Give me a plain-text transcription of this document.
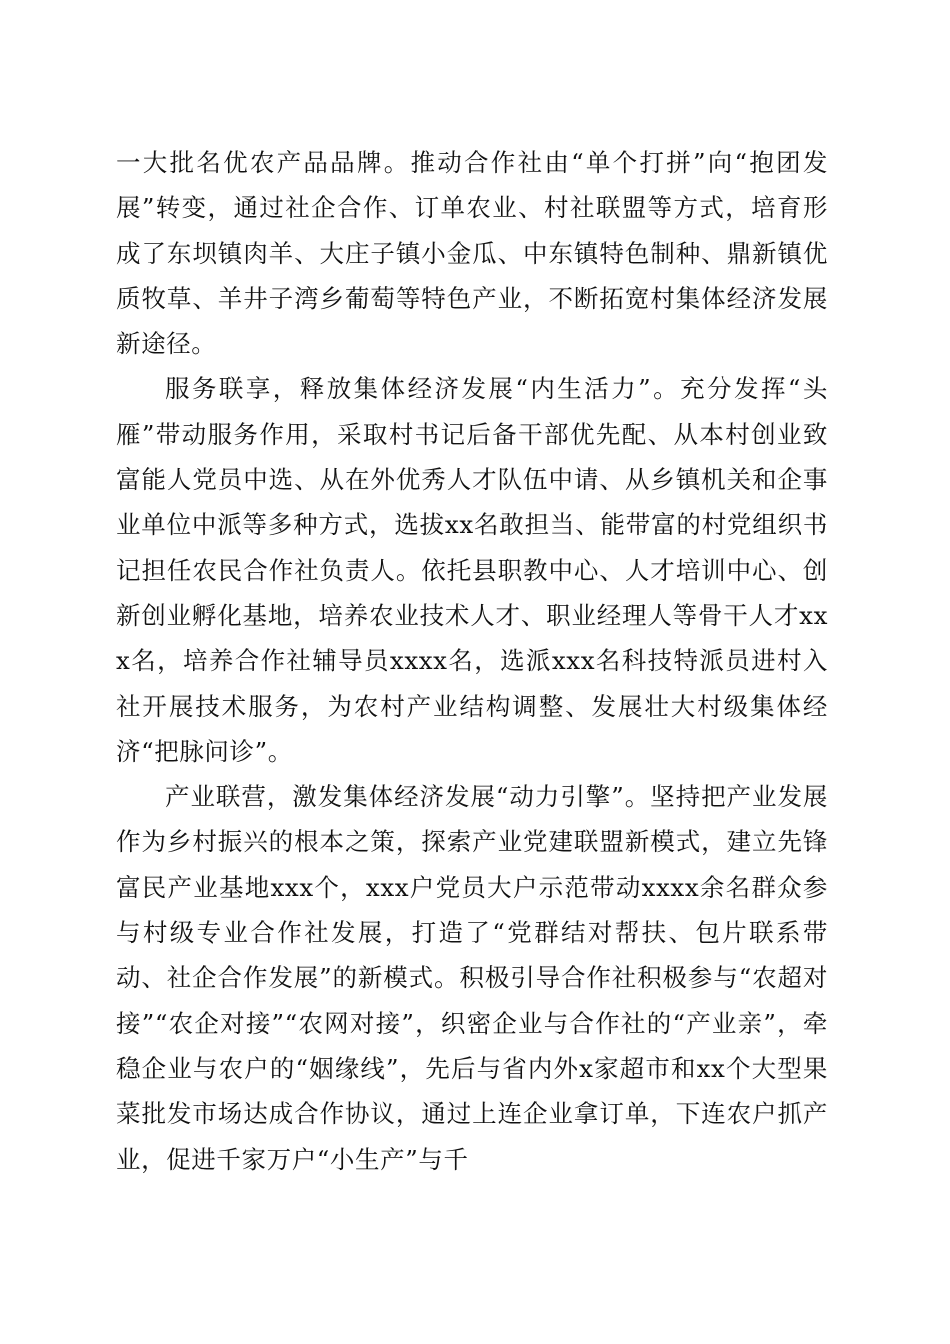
一大批名优农产品品牌。推动合作社由“单个打拼”向“抱团发展”转变，通过社企合作、订单农业、村社联盟等方式，培育形成了东坝镇肉羊、大庄子镇小金瓜、中东镇特色制种、鼎新镇优质牧草、羊井子湾乡葡萄等特色产业，不断拓宽村集体经济发展新途径。

服务联享，释放集体经济发展“内生活力”。充分发挥“头雁”带动服务作用，采取村书记后备干部优先配、从本村创业致富能人党员中选、从在外优秀人才队伍中请、从乡镇机关和企事业单位中派等多种方式，选拔xx名敢担当、能带富的村党组织书记担任农民合作社负责人。依托县职教中心、人才培训中心、创新创业孵化基地，培养农业技术人才、职业经理人等骨干人才xxx名，培养合作社辅导员xxxx名，选派xxx名科技特派员进村入社开展技术服务，为农村产业结构调整、发展壮大村级集体经济“把脉问诊”。

产业联营，激发集体经济发展“动力引擎”。坚持把产业发展作为乡村振兴的根本之策，探索产业党建联盟新模式，建立先锋富民产业基地xxx个，xxx户党员大户示范带动xxxx余名群众参与村级专业合作社发展，打造了“党群结对帮扶、包片联系带动、社企合作发展”的新模式。积极引导合作社积极参与“农超对接”“农企对接”“农网对接”，织密企业与合作社的“产业亲”，牵稳企业与农户的“姻缘线”，先后与省内外x家超市和xx个大型果菜批发市场达成合作协议，通过上连企业拿订单，下连农户抓产业，促进千家万户“小生产”与千
